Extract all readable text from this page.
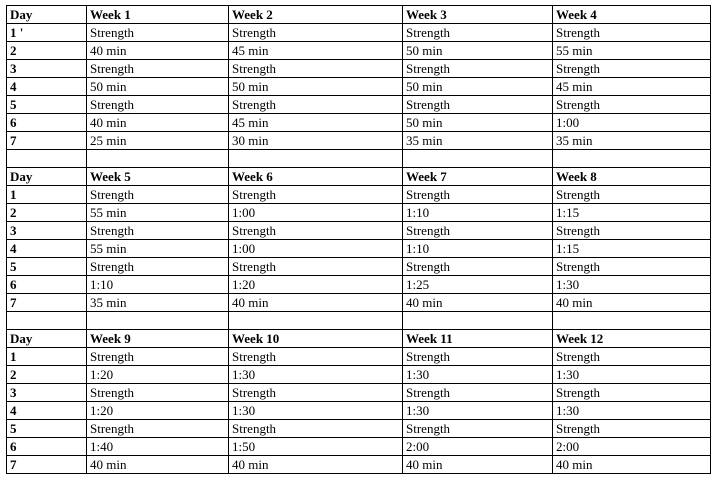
Day	Week 1	Week 2	Week 3	Week 4
1 '	Strength	Strength	Strength	Strength
2	40 min	45 min	50 min	55 min
3	Strength	Strength	Strength	Strength
4	50 min	50 min	50 min	45 min
5	Strength	Strength	Strength	Strength
6	40 min	45 min	50 min	1:00
7	25 min	30 min	35 min	35 min

Day	Week 5	Week 6	Week 7	Week 8
1	Strength	Strength	Strength	Strength
2	55 min	1:00	1:10	1:15
3	Strength	Strength	Strength	Strength
4	55 min	1:00	1:10	1:15
5	Strength	Strength	Strength	Strength
6	1:10	1:20	1:25	1:30
7	35 min	40 min	40 min	40 min

Day	Week 9	Week 10	Week 11	Week 12
1	Strength	Strength	Strength	Strength
2	1:20	1:30	1:30	1:30
3	Strength	Strength	Strength	Strength
4	1:20	1:30	1:30	1:30
5	Strength	Strength	Strength	Strength
6	1:40	1:50	2:00	2:00
7	40 min	40 min	40 min	40 min
